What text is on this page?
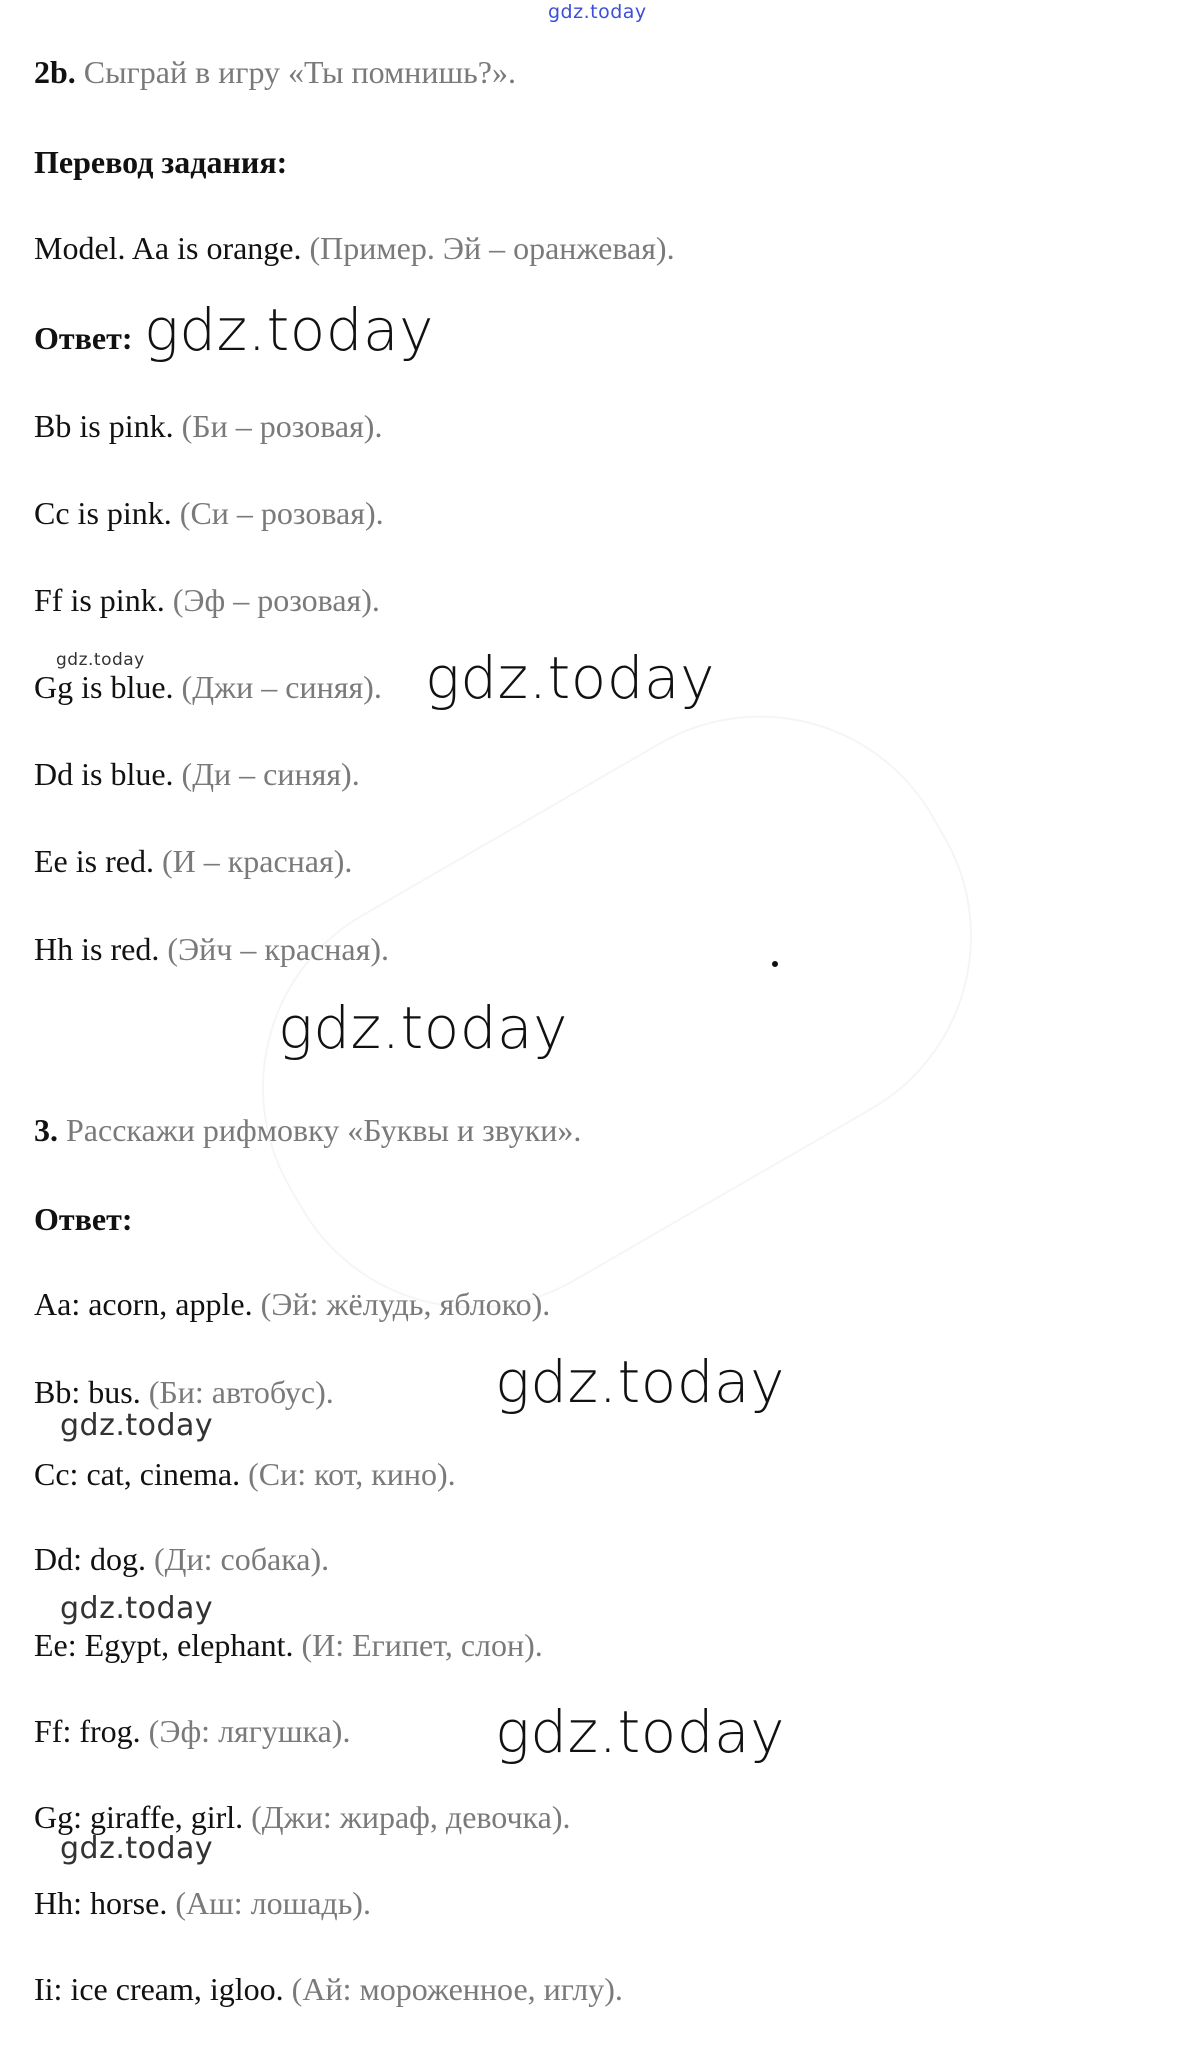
gdz.today
2b. Сыграй в игру «Ты помнишь?».
Перевод задания:
Model. Aa is orange. (Пример. Эй – оранжевая).
Ответ: gdz.today
Bb is pink. (Би – розовая).
Cc is pink. (Си – розовая).
Ff is pink. (Эф – розовая).
gdz.today
Gg is blue. (Джи – синяя). gdz.today
Dd is blue. (Ди – синяя).
Ee is red. (И – красная).
Hh is red. (Эйч – красная).
gdz.today
3. Расскажи рифмовку «Буквы и звуки».
Ответ:
Aa: acorn, apple. (Эй: жёлудь, яблоко).
gdz.today
Bb: bus. (Би: автобус).
gdz.today
Cc: cat, cinema. (Си: кот, кино).
Dd: dog. (Ди: собака).
gdz.today
Ee: Egypt, elephant. (И: Египет, слон).
Ff: frog. (Эф: лягушка). gdz.today
Gg: giraffe, girl. (Джи: жираф, девочка).
gdz.today
Hh: horse. (Аш: лошадь).
Ii: ice cream, igloo. (Ай: мороженное, иглу).
